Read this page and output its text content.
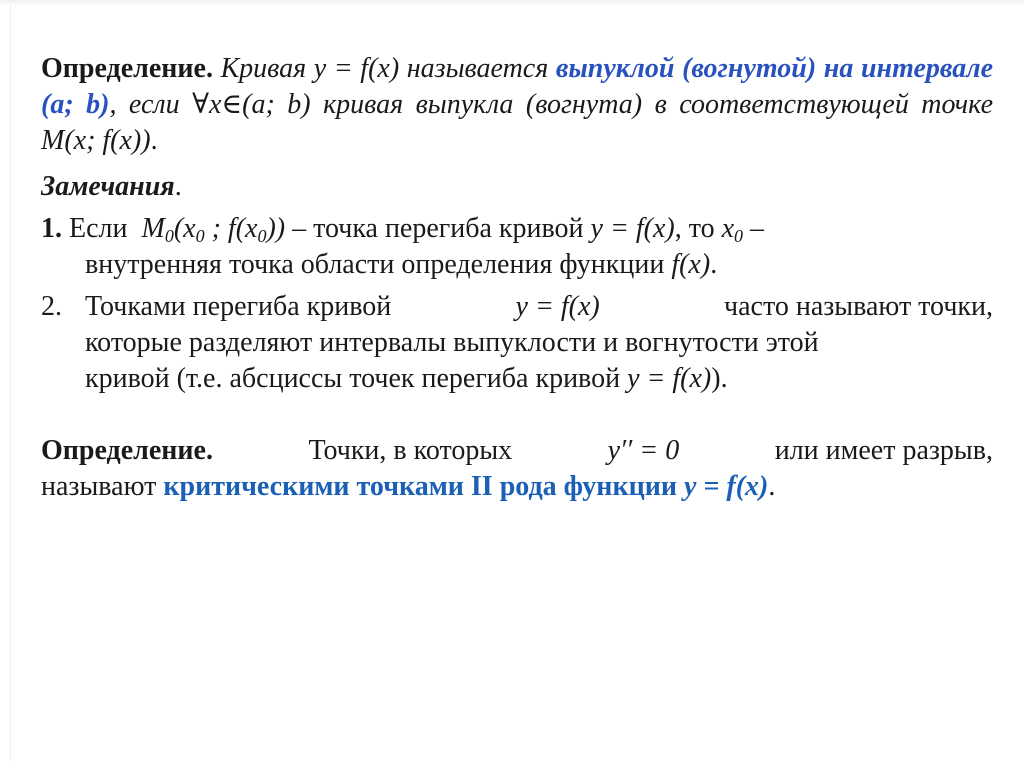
Определение. Кривая y = f(x) называется выпуклой (вогнутой) на интервале (a; b), если ∀x∈(a; b) кривая выпукла (вогнута) в соответствующей точке M(x; f(x)).
Замечания.
1. Если $M_0(x_0$ ; $f(x_0)$) – точка перегиба кривой y = f(x), то $x_0$ –
внутренняя точка области определения функции f(x).
2. Точками перегиба кривой	y = f(x)	часто называют точки,
которые разделяют интервалы выпуклости и вогнутости этой
кривой (т.е. абсциссы точек перегиба кривой y = f(x)).
Определение.	Точки, в которых	y′′ = 0	или имеет разрыв,
называют критическими точками II рода функции y = f(x).
